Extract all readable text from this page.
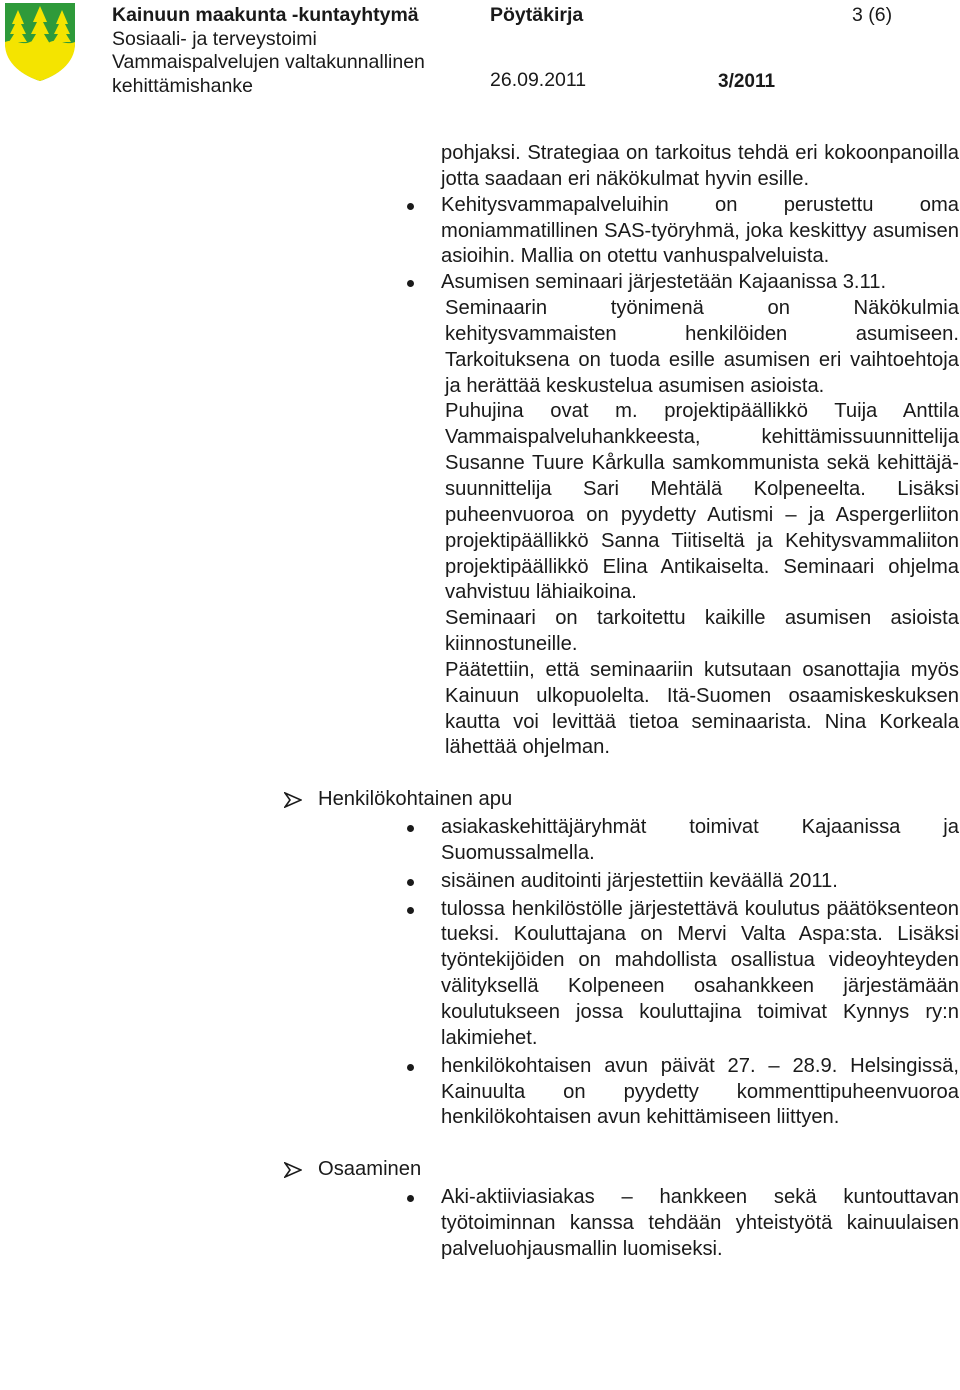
Kainuun maakunta -kuntayhtymä
Sosiaali- ja terveystoimi
Vammaispalvelujen valtakunnallinen
kehittämishanke
Pöytäkirja	3 (6)
26.09.2011	3/2011

pohjaksi. Strategiaa on tarkoitus tehdä eri kokoonpanoilla jotta saadaan eri näkökulmat hyvin esille.

Kehitysvammapalveluihin on perustettu oma moniammatillinen SAS-työryhmä, joka keskittyy asumisen asioihin. Mallia on otettu vanhuspalveluista.

Asumisen seminaari järjestetään Kajaanissa 3.11.

Seminaarin työnimenä on Näkökulmia kehitysvammaisten henkilöiden asumiseen. Tarkoituksena on tuoda esille asumisen eri vaihtoehtoja ja herättää keskustelua asumisen asioista.

Puhujina ovat m. projektipäällikkö Tuija Anttila Vammaispalveluhankkeesta, kehittämissuunnittelija Susanne Tuure Kårkulla samkommunista sekä kehittäjä-suunnittelija Sari Mehtälä Kolpeneelta. Lisäksi puheenvuoroa on pyydetty Autismi – ja Aspergerliiton projektipäällikkö Sanna Tiitiseltä ja Kehitysvammaliiton projektipäällikkö Elina Antikaiselta. Seminaari ohjelma vahvistuu lähiaikoina.

Seminaari on tarkoitettu kaikille asumisen asioista kiinnostuneille.

Päätettiin, että seminaariin kutsutaan osanottajia myös Kainuun ulkopuolelta. Itä-Suomen osaamiskeskuksen kautta voi levittää tietoa seminaarista. Nina Korkeala lähettää ohjelman.

Henkilökohtainen apu

asiakaskehittäjäryhmät toimivat Kajaanissa ja Suomussalmella.

sisäinen auditointi järjestettiin keväällä 2011.

tulossa henkilöstölle järjestettävä koulutus päätöksenteon tueksi. Kouluttajana on Mervi Valta Aspa:sta. Lisäksi työntekijöiden on mahdollista osallistua videoyhteyden välityksellä Kolpeneen osahankkeen järjestämään koulutukseen jossa kouluttajina toimivat Kynnys ry:n lakimiehet.

henkilökohtaisen avun päivät 27. – 28.9. Helsingissä, Kainuulta on pyydetty kommenttipuheenvuoroa henkilökohtaisen avun kehittämiseen liittyen.

Osaaminen

Aki-aktiiviasiakas – hankkeen sekä kuntouttavan työtoiminnan kanssa tehdään yhteistyötä kainuulaisen palveluohjausmallin luomiseksi.
